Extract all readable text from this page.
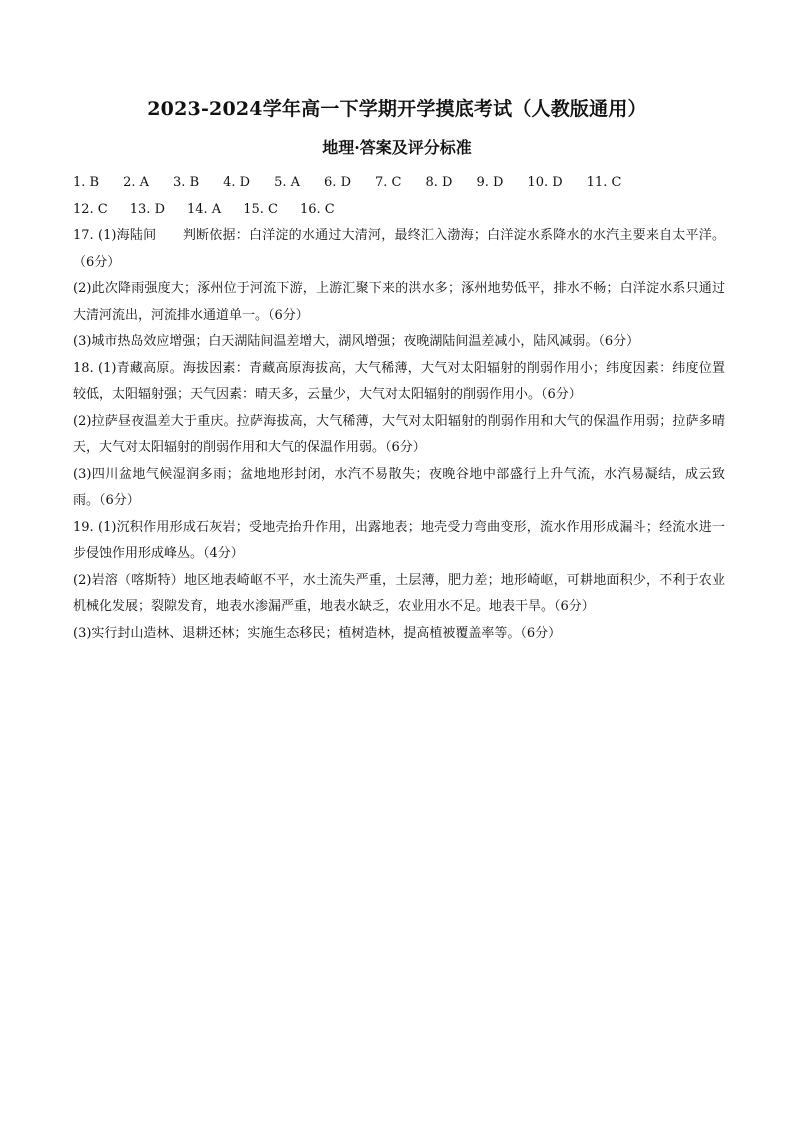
2023-2024学年高一下学期开学摸底考试（人教版通用）
地理·答案及评分标准
1. B 2. A 3. B 4. D 5. A 6. D 7. C 8. D 9. D 10. D 11. C
12. C 13. D 14. A 15. C 16. C

17. (1)海陆间　　判断依据：白洋淀的水通过大清河，最终汇入渤海；白洋淀水系降水的水汽主要来自太平洋。（6分）

(2)此次降雨强度大；涿州位于河流下游，上游汇聚下来的洪水多；涿州地势低平，排水不畅；白洋淀水系只通过大清河流出，河流排水通道单一。（6分）

(3)城市热岛效应增强；白天湖陆间温差增大，湖风增强；夜晚湖陆间温差减小，陆风减弱。（6分）

18. (1)青藏高原。海拔因素：青藏高原海拔高，大气稀薄，大气对太阳辐射的削弱作用小；纬度因素：纬度位置较低，太阳辐射强；天气因素：晴天多，云量少，大气对太阳辐射的削弱作用小。（6分）

(2)拉萨昼夜温差大于重庆。拉萨海拔高，大气稀薄，大气对太阳辐射的削弱作用和大气的保温作用弱；拉萨多晴天，大气对太阳辐射的削弱作用和大气的保温作用弱。（6分）

(3)四川盆地气候湿润多雨；盆地地形封闭，水汽不易散失；夜晚谷地中部盛行上升气流，水汽易凝结，成云致雨。（6分）

19. (1)沉积作用形成石灰岩；受地壳抬升作用，出露地表；地壳受力弯曲变形，流水作用形成漏斗；经流水进一步侵蚀作用形成峰丛。（4分）

(2)岩溶（喀斯特）地区地表崎岖不平，水土流失严重，土层薄，肥力差；地形崎岖，可耕地面积少，不利于农业机械化发展；裂隙发育，地表水渗漏严重，地表水缺乏，农业用水不足。地表干旱。（6分）

(3)实行封山造林、退耕还林；实施生态移民；植树造林，提高植被覆盖率等。（6分）
